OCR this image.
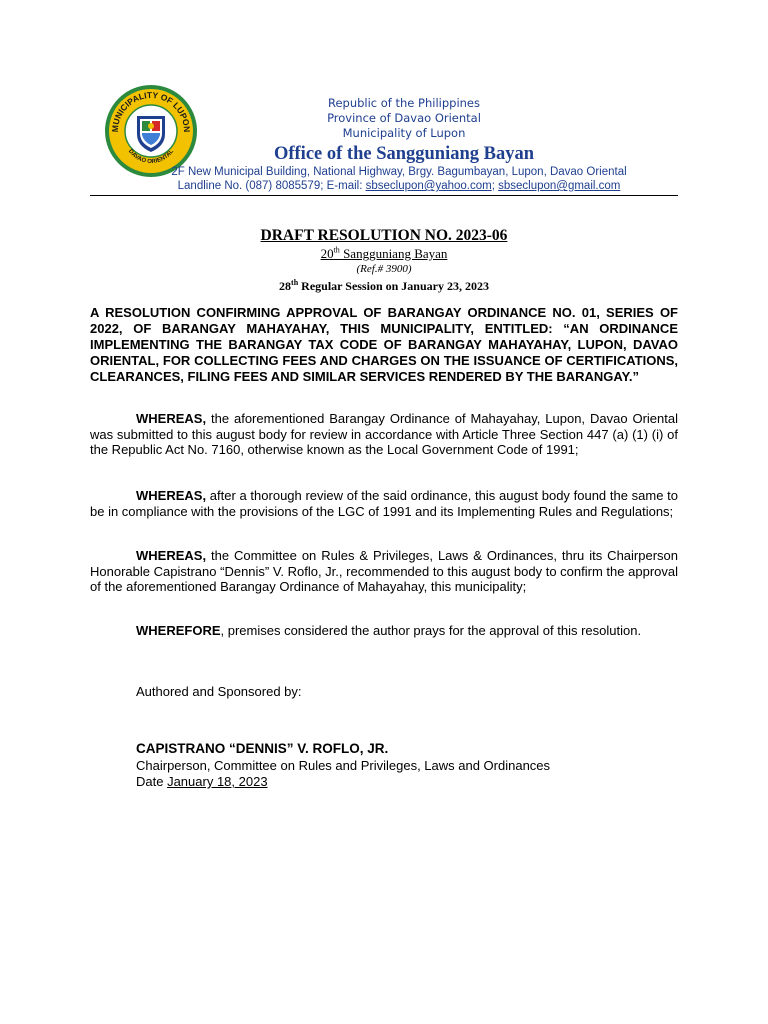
MUNICIPALITY OF LUPON
DAVAO ORIENTAL
Republic of the Philippines
Province of Davao Oriental
Municipality of Lupon
Office of the Sangguniang Bayan
2F New Municipal Building, National Highway, Brgy. Bagumbayan, Lupon, Davao Oriental
Landline No. (087) 8085579; E-mail: sbseclupon@yahoo.com; sbseclupon@gmail.com
DRAFT RESOLUTION NO. 2023-06
20th Sangguniang Bayan
(Ref.# 3900)
28th Regular Session on January 23, 2023
A RESOLUTION CONFIRMING APPROVAL OF BARANGAY ORDINANCE NO. 01, SERIES OF 2022, OF BARANGAY MAHAYAHAY, THIS MUNICIPALITY, ENTITLED: “AN ORDINANCE IMPLEMENTING THE BARANGAY TAX CODE OF BARANGAY MAHAYAHAY, LUPON, DAVAO ORIENTAL, FOR COLLECTING FEES AND CHARGES ON THE ISSUANCE OF CERTIFICATIONS, CLEARANCES, FILING FEES AND SIMILAR SERVICES RENDERED BY THE BARANGAY.”
WHEREAS, the aforementioned Barangay Ordinance of Mahayahay, Lupon, Davao Oriental was submitted to this august body for review in accordance with Article Three Section 447 (a) (1) (i) of the Republic Act No. 7160, otherwise known as the Local Government Code of 1991;
WHEREAS, after a thorough review of the said ordinance, this august body found the same to be in compliance with the provisions of the LGC of 1991 and its Implementing Rules and Regulations;
WHEREAS, the Committee on Rules & Privileges, Laws & Ordinances, thru its Chairperson Honorable Capistrano “Dennis” V. Roflo, Jr., recommended to this august body to confirm the approval of the aforementioned Barangay Ordinance of Mahayahay, this municipality;
WHEREFORE, premises considered the author prays for the approval of this resolution.
Authored and Sponsored by:
CAPISTRANO “DENNIS” V. ROFLO, JR.
Chairperson, Committee on Rules and Privileges, Laws and Ordinances
Date January 18, 2023
